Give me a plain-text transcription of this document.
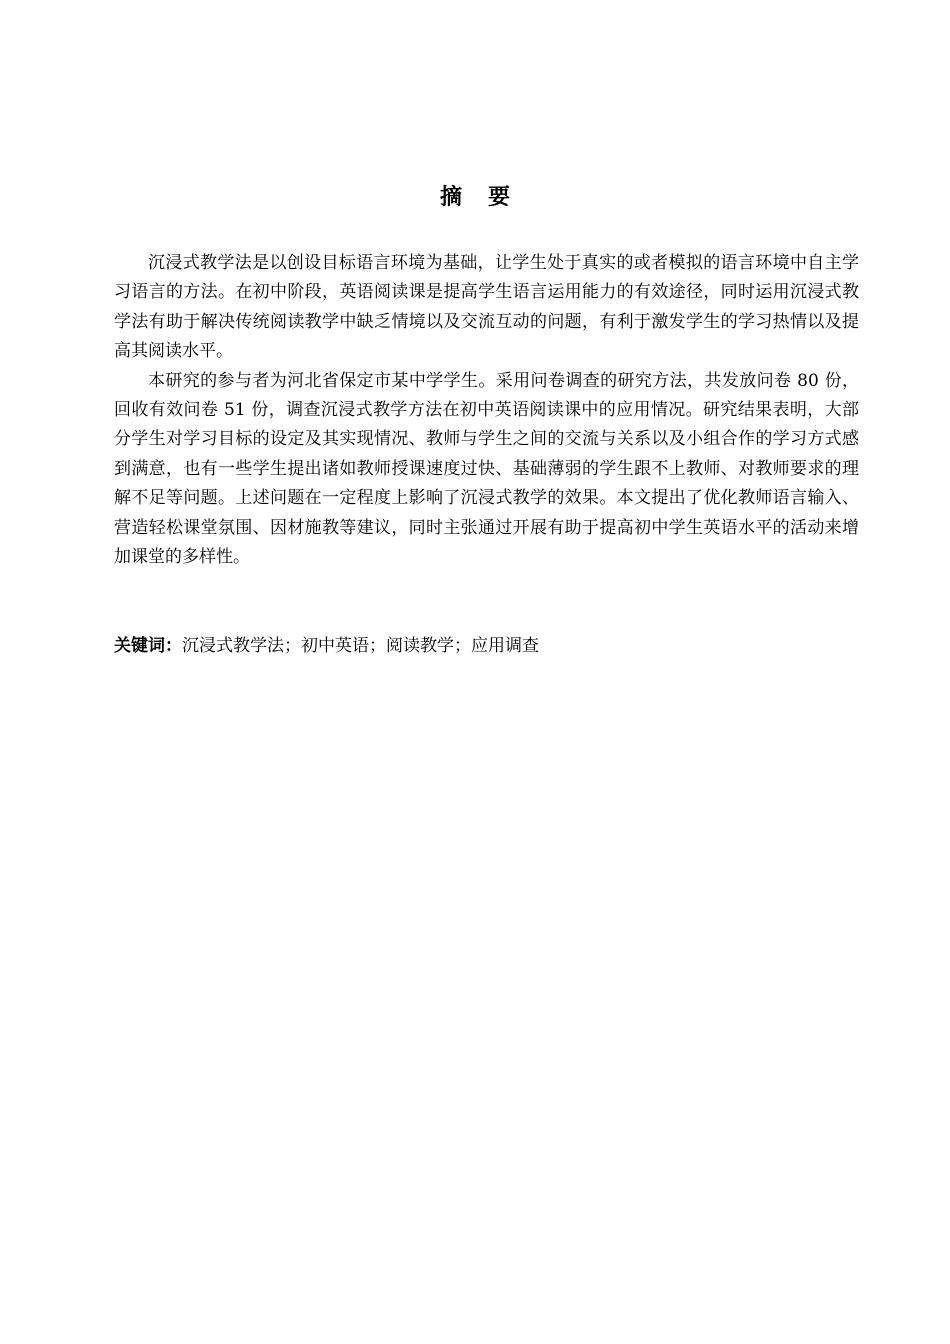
摘 要

沉浸式教学法是以创设目标语言环境为基础，让学生处于真实的或者模拟的语言环境中自主学习语言的方法。在初中阶段，英语阅读课是提高学生语言运用能力的有效途径，同时运用沉浸式教学法有助于解决传统阅读教学中缺乏情境以及交流互动的问题，有利于激发学生的学习热情以及提高其阅读水平。

本研究的参与者为河北省保定市某中学学生。采用问卷调查的研究方法，共发放问卷 80 份，回收有效问卷 51 份，调查沉浸式教学方法在初中英语阅读课中的应用情况。研究结果表明，大部分学生对学习目标的设定及其实现情况、教师与学生之间的交流与关系以及小组合作的学习方式感到满意，也有一些学生提出诸如教师授课速度过快、基础薄弱的学生跟不上教师、对教师要求的理解不足等问题。上述问题在一定程度上影响了沉浸式教学的效果。本文提出了优化教师语言输入、营造轻松课堂氛围、因材施教等建议，同时主张通过开展有助于提高初中学生英语水平的活动来增加课堂的多样性。

关键词：沉浸式教学法；初中英语；阅读教学；应用调查
